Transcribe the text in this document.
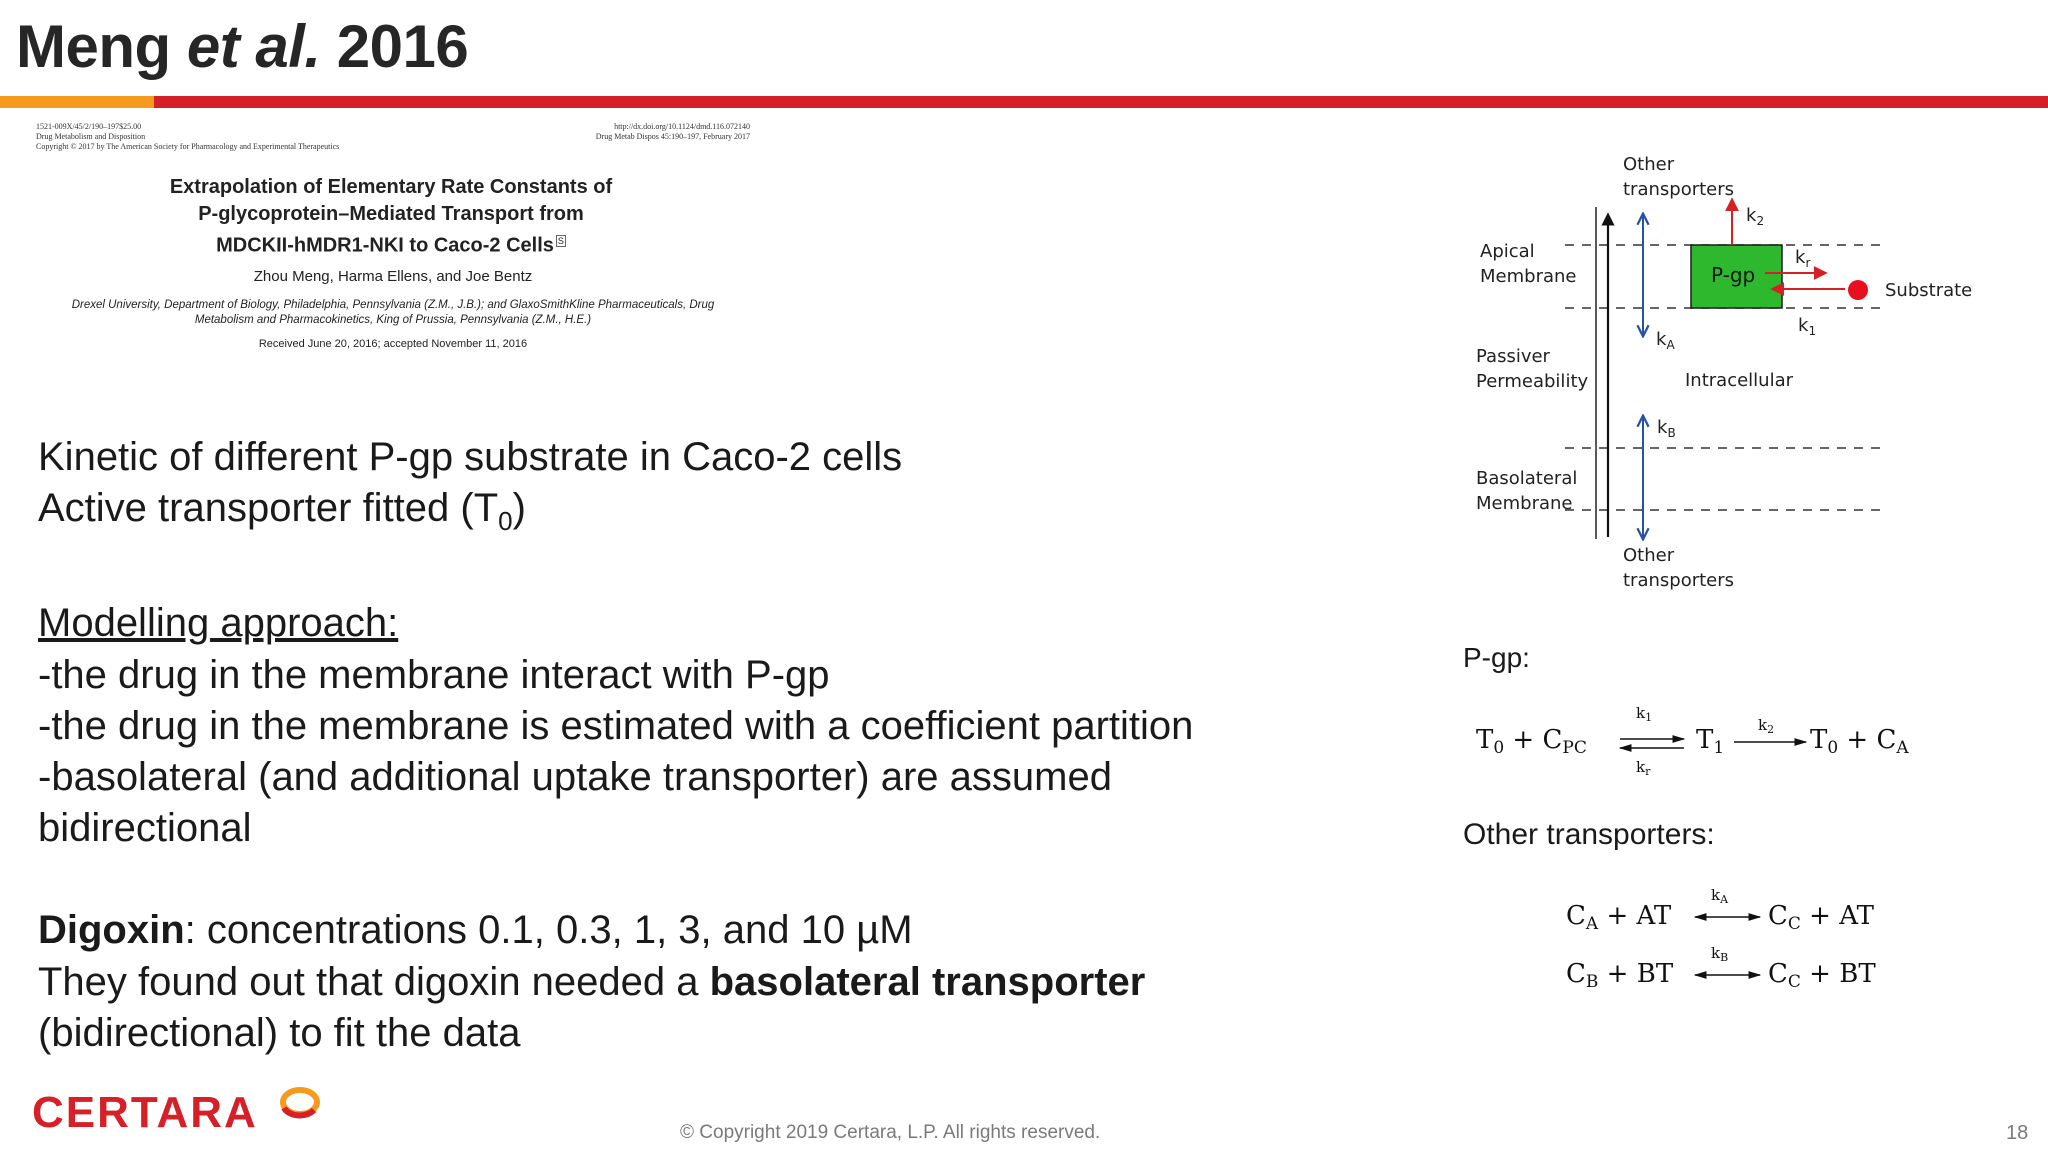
Meng et al. 2016
1521-009X/45/2/190–197$25.00
Drug Metabolism and Disposition
Copyright © 2017 by The American Society for Pharmacology and Experimental Therapeutics
http://dx.doi.org/10.1124/dmd.116.072140
Drug Metab Dispos 45:190–197, February 2017
Extrapolation of Elementary Rate Constants of
P-glycoprotein–Mediated Transport from
MDCKII-hMDR1-NKI to Caco-2 Cells $^S$
Zhou Meng, Harma Ellens, and Joe Bentz
Drexel University, Department of Biology, Philadelphia, Pennsylvania (Z.M., J.B.); and GlaxoSmithKline Pharmaceuticals, Drug
Metabolism and Pharmacokinetics, King of Prussia, Pennsylvania (Z.M., H.E.)
Received June 20, 2016; accepted November 11, 2016
Kinetic of different P-gp substrate in Caco-2 cells
Active transporter fitted $(T_0)$
Modelling approach:
-the drug in the membrane interact with P-gp
-the drug in the membrane is estimated with a coefficient partition
-basolateral (and additional uptake transporter) are assumed
bidirectional
Digoxin: concentrations 0.1, 0.3, 1, 3, and 10 µM
They found out that digoxin needed a basolateral transporter
(bidirectional) to fit the data
Other
transporters
$k_2$
$k_r$
$k_1$
Apical
Membrane
Substrate
$k_A$
Passiver
Permeability	Intracellular
$k_B$
Basolateral
Membrane
Other
transporters
P-gp
P-gp:
T0 + CPC
$k_1$
$k_r$
T1
$k_2$ T0 + CA
Other transporters:
CA + AT
$k_A$
CC + AT
CB + BT
$k_B$
CC + BT
CERTARA	© Copyright 2019 Certara, L.P. All rights reserved.	18
